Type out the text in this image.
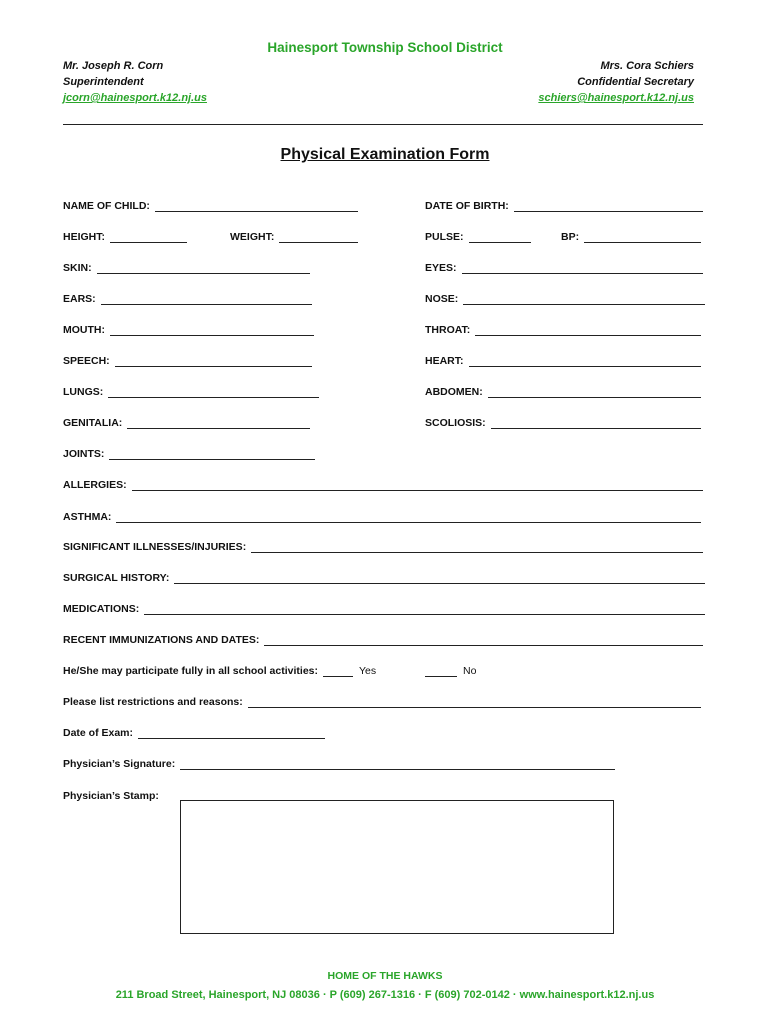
Hainesport Township School District
Mr. Joseph R. Corn
Superintendent
jcorn@hainesport.k12.nj.us
Mrs. Cora Schiers
Confidential Secretary
schiers@hainesport.k12.nj.us
Physical Examination Form
NAME OF CHILD:	DATE OF BIRTH:
HEIGHT:	WEIGHT:	PULSE:	BP:
SKIN:	EYES:
EARS:	NOSE:
MOUTH:	THROAT:
SPEECH:	HEART:
LUNGS:	ABDOMEN:
GENITALIA:	SCOLIOSIS:
JOINTS:
ALLERGIES:
ASTHMA:
SIGNIFICANT ILLNESSES/INJURIES:
SURGICAL HISTORY:
MEDICATIONS:
RECENT IMMUNIZATIONS AND DATES:
He/She may participate fully in all school activities:	Yes	No
Please list restrictions and reasons:
Date of Exam:
Physician’s Signature:
Physician’s Stamp:
HOME OF THE HAWKS
211 Broad Street, Hainesport, NJ 08036 · P (609) 267-1316 · F (609) 702-0142 · www.hainesport.k12.nj.us
